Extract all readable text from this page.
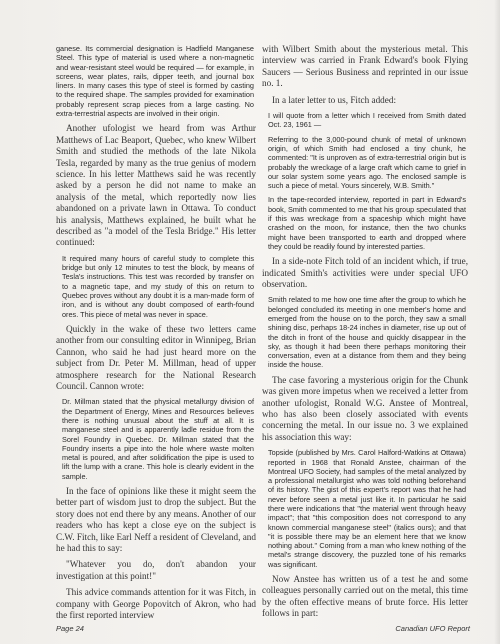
ganese. Its commercial designation is Hadfield Manganese Steel. This type of material is used where a non-magnetic and wear-resistant steel would be required — for example, in screens, wear plates, rails, dipper teeth, and journal box liners. In many cases this type of steel is formed by casting to the required shape. The samples provided for examination probably represent scrap pieces from a large casting. No extra-terrestrial aspects are involved in their origin.

Another ufologist we heard from was Arthur Matthews of Lac Beaport, Quebec, who knew Wilbert Smith and studied the methods of the late Nikola Tesla, regarded by many as the true genius of modern science. In his letter Matthews said he was recently asked by a person he did not name to make an analysis of the metal, which reportedly now lies abandoned on a private lawn in Ottawa. To conduct his analysis, Matthews explained, he built what he described as "a model of the Tesla Bridge." His letter continued:

It required many hours of careful study to complete this bridge but only 12 minutes to test the block, by means of Tesla's instructions. This test was recorded by transfer on to a magnetic tape, and my study of this on return to Quebec proves without any doubt it is a man-made form of iron, and is without any doubt composed of earth-found ores. This piece of metal was never in space.

Quickly in the wake of these two letters came another from our consulting editor in Winnipeg, Brian Cannon, who said he had just heard more on the subject from Dr. Peter M. Millman, head of upper atmosphere research for the National Research Council. Cannon wrote:

Dr. Millman stated that the physical metallurgy division of the Department of Energy, Mines and Resources believes there is nothing unusual about the stuff at all. It is manganese steel and is apparently ladle residue from the Sorel Foundry in Quebec. Dr. Millman stated that the Foundry inserts a pipe into the hole where waste molten metal is poured, and after solidification the pipe is used to lift the lump with a crane. This hole is clearly evident in the sample.

In the face of opinions like these it might seem the better part of wisdom just to drop the subject. But the story does not end there by any means. Another of our readers who has kept a close eye on the subject is C.W. Fitch, like Earl Neff a resident of Cleveland, and he had this to say:

"Whatever you do, don't abandon your investigation at this point!"

This advice commands attention for it was Fitch, in company with George Popovitch of Akron, who had the first reported interview

with Wilbert Smith about the mysterious metal. This interview was carried in Frank Edward's book Flying Saucers — Serious Business and reprinted in our issue no. 1.

In a later letter to us, Fitch added:

I will quote from a letter which I received from Smith dated Oct. 23, 1961 —

Referring to the 3,000-pound chunk of metal of unknown origin, of which Smith had enclosed a tiny chunk, he commented: "It is unproven as of extra-terrestrial origin but is probably the wreckage of a large craft which came to grief in our solar system some years ago. The enclosed sample is such a piece of metal. Yours sincerely, W.B. Smith."

In the tape-recorded interview, reported in part in Edward's book, Smith commented to me that his group speculated that if this was wreckage from a spaceship which might have crashed on the moon, for instance, then the two chunks might have been transported to earth and dropped where they could be readily found by interested parties.

In a side-note Fitch told of an incident which, if true, indicated Smith's activities were under special UFO observation.

Smith related to me how one time after the group to which he belonged concluded its meeting in one member's home and emerged from the house on to the porch, they saw a small shining disc, perhaps 18-24 inches in diameter, rise up out of the ditch in front of the house and quickly disappear in the sky, as though it had been there perhaps monitoring their conversation, even at a distance from them and they being inside the house.

The case favoring a mysterious origin for the Chunk was given more impetus when we received a letter from another ufologist, Ronald W.G. Anstee of Montreal, who has also been closely associated with events concerning the metal. In our issue no. 3 we explained his association this way:

Topside (published by Mrs. Carol Halford-Watkins at Ottawa) reported in 1968 that Ronald Anstee, chairman of the Montreal UFO Society, had samples of the metal analyzed by a professional metallurgist who was told nothing beforehand of its history. The gist of this expert's report was that he had never before seen a metal just like it. In particular he said there were indications that "the material went through heavy impact"; that "this composition does not correspond to any known commercial manganese steel" (italics ours); and that "it is possible there may be an element here that we know nothing about." Coming from a man who knew nothing of the metal's strange discovery, the puzzled tone of his remarks was significant.

Now Anstee has written us of a test he and some colleagues personally carried out on the metal, this time by the often effective means of brute force. His letter follows in part:

Page 24	Canadian UFO Report
